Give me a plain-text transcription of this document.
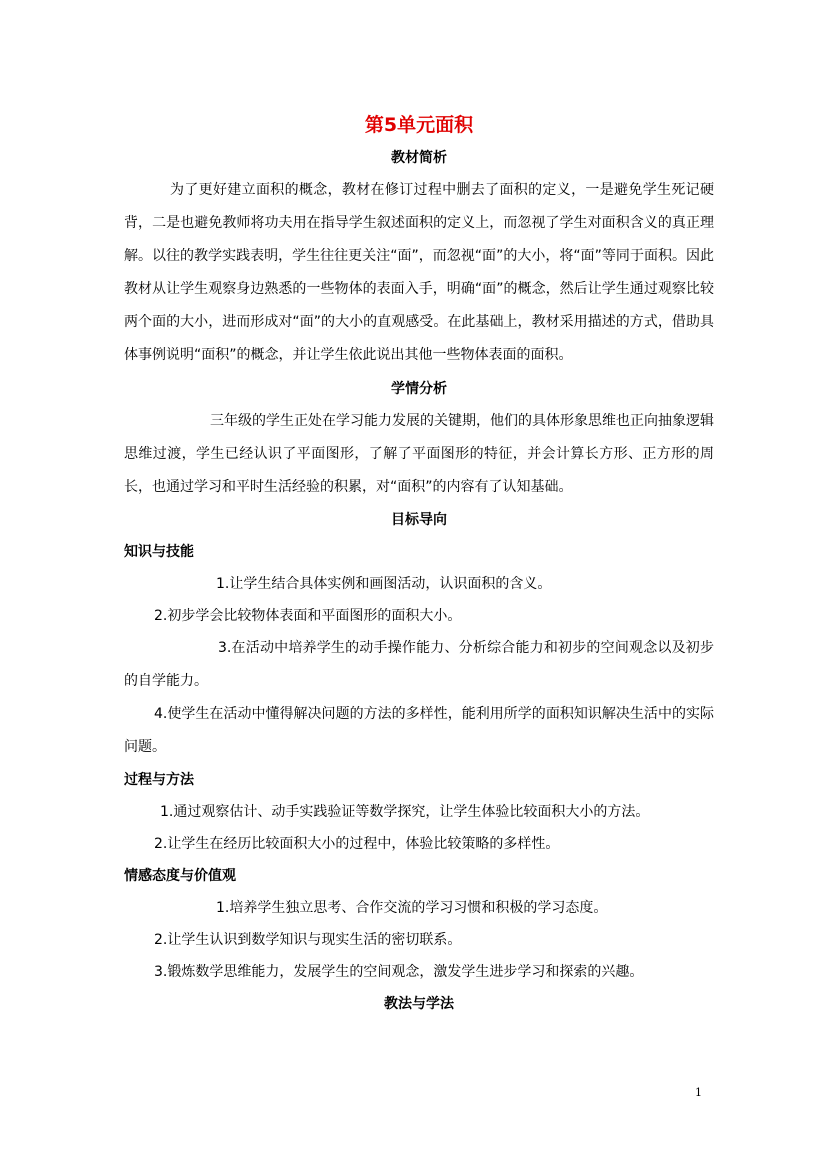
第5单元面积
教材简析

为了更好建立面积的概念，教材在修订过程中删去了面积的定义，一是避免学生死记硬背，二是也避免教师将功夫用在指导学生叙述面积的定义上，而忽视了学生对面积含义的真正理解。以往的教学实践表明，学生往往更关注“面”，而忽视“面”的大小，将“面”等同于面积。因此教材从让学生观察身边熟悉的一些物体的表面入手，明确“面”的概念，然后让学生通过观察比较两个面的大小，进而形成对“面”的大小的直观感受。在此基础上，教材采用描述的方式，借助具体事例说明“面积”的概念，并让学生依此说出其他一些物体表面的面积。

学情分析

三年级的学生正处在学习能力发展的关键期，他们的具体形象思维也正向抽象逻辑思维过渡，学生已经认识了平面图形，了解了平面图形的特征，并会计算长方形、正方形的周长，也通过学习和平时生活经验的积累，对“面积”的内容有了认知基础。

目标导向
知识与技能

1.让学生结合具体实例和画图活动，认识面积的含义。

2.初步学会比较物体表面和平面图形的面积大小。

3.在活动中培养学生的动手操作能力、分析综合能力和初步的空间观念以及初步的自学能力。

4.使学生在活动中懂得解决问题的方法的多样性，能利用所学的面积知识解决生活中的实际问题。

过程与方法

1.通过观察估计、动手实践验证等数学探究，让学生体验比较面积大小的方法。

2.让学生在经历比较面积大小的过程中，体验比较策略的多样性。

情感态度与价值观

1.培养学生独立思考、合作交流的学习习惯和积极的学习态度。

2.让学生认识到数学知识与现实生活的密切联系。

3.锻炼数学思维能力，发展学生的空间观念，激发学生进步学习和探索的兴趣。

教法与学法
1
